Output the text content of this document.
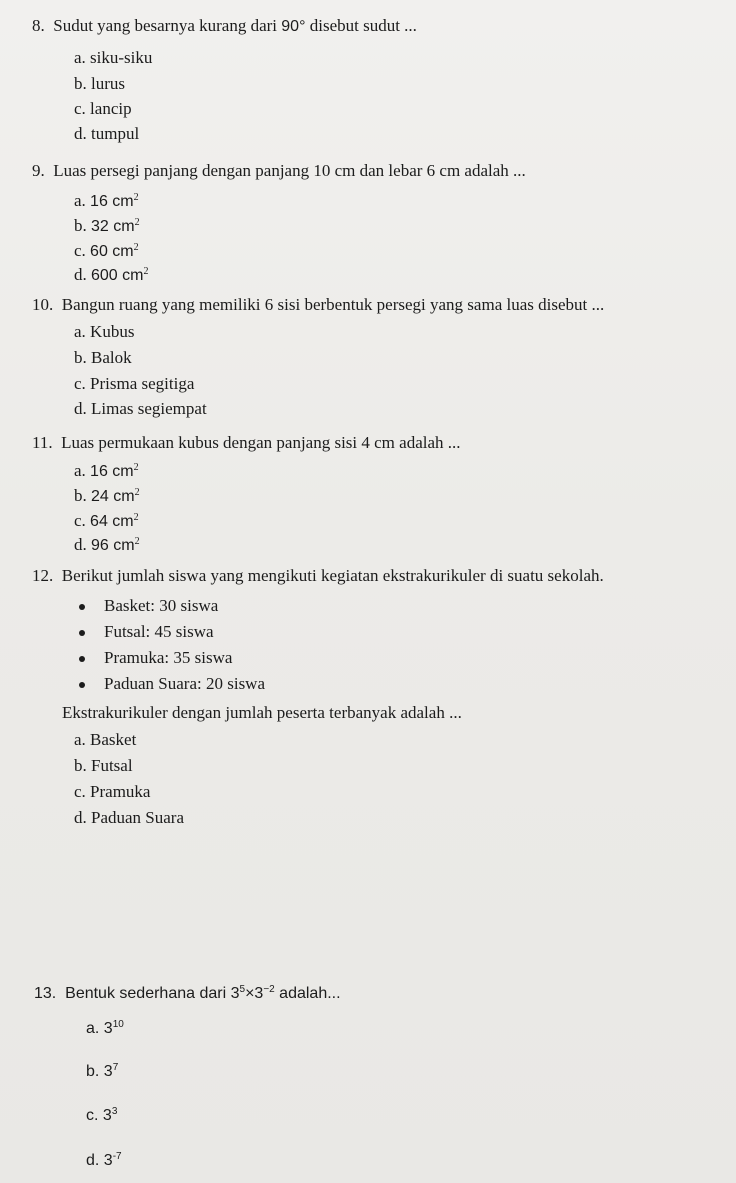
8. Sudut yang besarnya kurang dari 90° disebut sudut ...
a. siku-siku
b. lurus
c. lancip
d. tumpul
9. Luas persegi panjang dengan panjang 10 cm dan lebar 6 cm adalah ...
a. 16 $cm^2$
b. 32 $cm^2$
c. 60 $cm^2$
d. 600 $cm^2$
10. Bangun ruang yang memiliki 6 sisi berbentuk persegi yang sama luas disebut ...
a. Kubus
b. Balok
c. Prisma segitiga
d. Limas segiempat
11. Luas permukaan kubus dengan panjang sisi 4 cm adalah ...
a. 16 $cm^2$
b. 24 $cm^2$
c. 64 $cm^2$
d. 96 $cm^2$
12. Berikut jumlah siswa yang mengikuti kegiatan ekstrakurikuler di suatu sekolah.
Basket: 30 siswa
Futsal: 45 siswa
Pramuka: 35 siswa
Paduan Suara: 20 siswa
Ekstrakurikuler dengan jumlah peserta terbanyak adalah ...
a. Basket
b. Futsal
c. Pramuka
d. Paduan Suara
13. Bentuk sederhana dari $3^5\times 3^{-2}$ adalah...
a. $3^{10}$
b. $3^7$
c. $3^3$
d. $3^{-7}$
